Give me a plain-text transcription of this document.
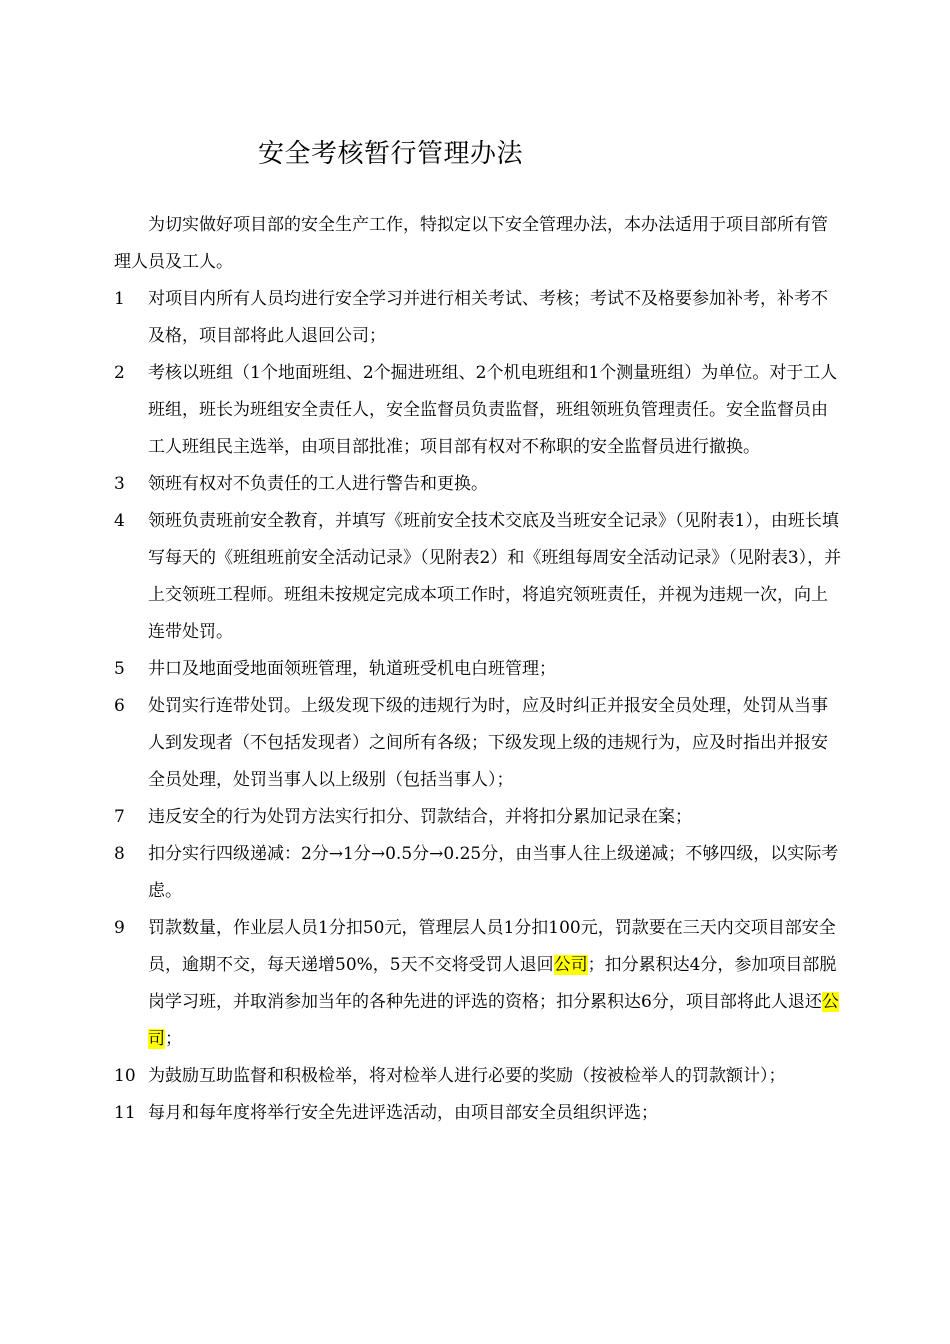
安全考核暂行管理办法

为切实做好项目部的安全生产工作，特拟定以下安全管理办法，本办法适用于项目部所有管理人员及工人。

1	对项目内所有人员均进行安全学习并进行相关考试、考核；考试不及格要参加补考，补考不及格，项目部将此人退回公司；

2	考核以班组（1个地面班组、2个掘进班组、2个机电班组和1个测量班组）为单位。对于工人班组，班长为班组安全责任人，安全监督员负责监督，班组领班负管理责任。安全监督员由工人班组民主选举，由项目部批准；项目部有权对不称职的安全监督员进行撤换。

3	领班有权对不负责任的工人进行警告和更换。

4	领班负责班前安全教育，并填写《班前安全技术交底及当班安全记录》（见附表1），由班长填写每天的《班组班前安全活动记录》（见附表2）和《班组每周安全活动记录》（见附表3），并上交领班工程师。班组未按规定完成本项工作时，将追究领班责任，并视为违规一次，向上连带处罚。

5	井口及地面受地面领班管理，轨道班受机电白班管理；

6	处罚实行连带处罚。上级发现下级的违规行为时，应及时纠正并报安全员处理，处罚从当事人到发现者（不包括发现者）之间所有各级；下级发现上级的违规行为，应及时指出并报安全员处理，处罚当事人以上级别（包括当事人）；

7	违反安全的行为处罚方法实行扣分、罚款结合，并将扣分累加记录在案；

8	扣分实行四级递减：2分→1分→0.5分→0.25分，由当事人往上级递减；不够四级，以实际考虑。

9	罚款数量，作业层人员1分扣50元，管理层人员1分扣100元，罚款要在三天内交项目部安全员，逾期不交，每天递增50%，5天不交将受罚人退回公司；扣分累积达4分，参加项目部脱岗学习班，并取消参加当年的各种先进的评选的资格；扣分累积达6分，项目部将此人退还公司；

10 为鼓励互助监督和积极检举，将对检举人进行必要的奖励（按被检举人的罚款额计）；

11 每月和每年度将举行安全先进评选活动，由项目部安全员组织评选；
